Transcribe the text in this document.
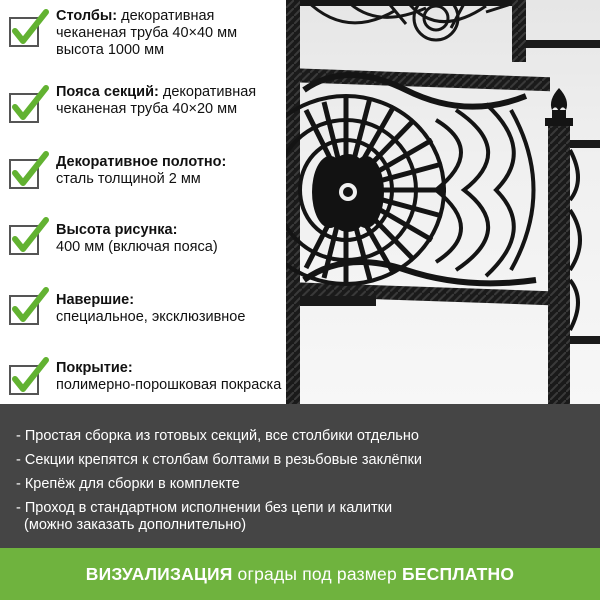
Столбы: декоративная
чеканеная труба 40×40 мм
высота 1000 мм
Пояса секций: декоративная
чеканеная труба 40×20 мм
Декоративное полотно:
сталь толщиной 2 мм
Высота рисунка:
400 мм (включая пояса)
Навершие:
специальное, эксклюзивное
Покрытие:
полимерно-порошковая покраска
- Простая сборка из готовых секций, все столбики отдельно
- Секции крепятся к столбам болтами в резьбовые заклёпки
- Крепёж для сборки в комплекте
- Проход в стандартном исполнении без цепи и калитки
(можно заказать дополнительно)
ВИЗУАЛИЗАЦИЯ ограды под размер БЕСПЛАТНО
